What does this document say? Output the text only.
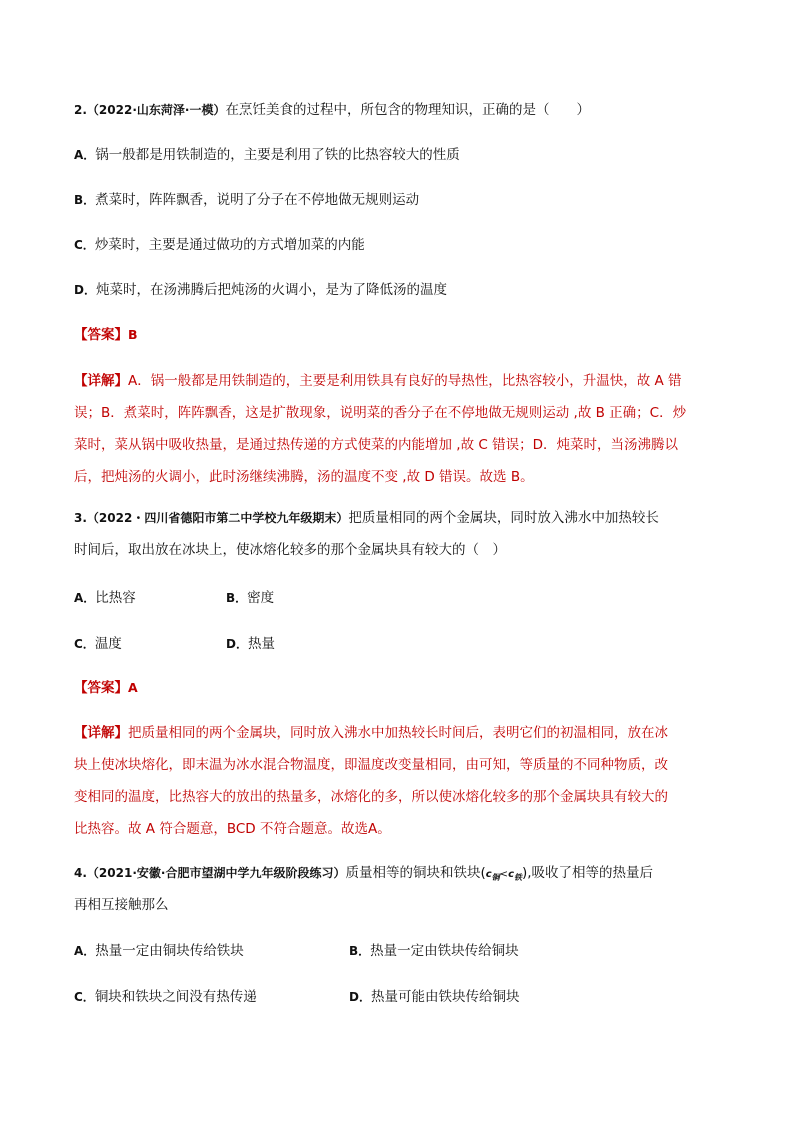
2.（2022·山东菏泽·一模）在烹饪美食的过程中，所包含的物理知识，正确的是（　　）
A．锅一般都是用铁制造的，主要是利用了铁的比热容较大的性质
B．煮菜时，阵阵飘香，说明了分子在不停地做无规则运动
C．炒菜时，主要是通过做功的方式增加菜的内能
D．炖菜时，在汤沸腾后把炖汤的火调小，是为了降低汤的温度
【答案】B
【详解】A．锅一般都是用铁制造的，主要是利用铁具有良好的导热性，比热容较小，升温快，故 A 错
误；B．煮菜时，阵阵飘香，这是扩散现象，说明菜的香分子在不停地做无规则运动 ,故 B 正确；C．炒
菜时，菜从锅中吸收热量，是通过热传递的方式使菜的内能增加 ,故 C 错误；D．炖菜时，当汤沸腾以
后，把炖汤的火调小，此时汤继续沸腾，汤的温度不变 ,故 D 错误。故选 B。
3.（2022・四川省德阳市第二中学校九年级期末）把质量相同的两个金属块，同时放入沸水中加热较长
时间后，取出放在冰块上，使冰熔化较多的那个金属块具有较大的（　）
A．比热容	B．密度
C．温度	D．热量
【答案】A
【详解】把质量相同的两个金属块，同时放入沸水中加热较长时间后，表明它们的初温相同，放在冰
块上使冰块熔化，即末温为冰水混合物温度，即温度改变量相同，由可知，等质量的不同种物质，改
变相同的温度，比热容大的放出的热量多，冰熔化的多，所以使冰熔化较多的那个金属块具有较大的
比热容。故 A 符合题意，BCD 不符合题意。故选A。
4.（2021·安徽·合肥市望湖中学九年级阶段练习）质量相等的铜块和铁块$(c_铜<c_铁)$,吸收了相等的热量后
再相互接触那么
A．热量一定由铜块传给铁块	B．热量一定由铁块传给铜块
C．铜块和铁块之间没有热传递	D．热量可能由铁块传给铜块
